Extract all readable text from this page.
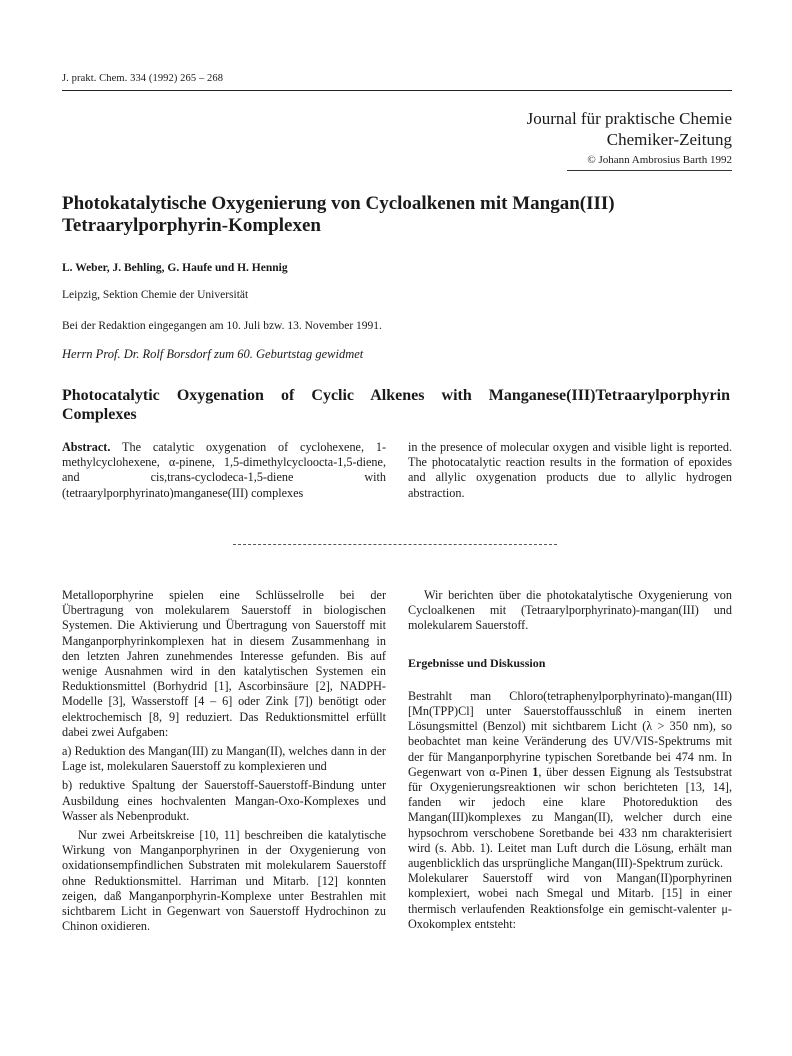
J. prakt. Chem. 334 (1992) 265 – 268
Journal für praktische Chemie
Chemiker-Zeitung
© Johann Ambrosius Barth 1992
Photokatalytische Oxygenierung von Cycloalkenen mit Mangan(III) Tetraarylporphyrin-Komplexen
L. Weber, J. Behling, G. Haufe und H. Hennig
Leipzig, Sektion Chemie der Universität
Bei der Redaktion eingegangen am 10. Juli bzw. 13. November 1991.
Herrn Prof. Dr. Rolf Borsdorf zum 60. Geburtstag gewidmet
Photocatalytic Oxygenation of Cyclic Alkenes with Manganese(III)Tetraarylporphyrin Complexes

Abstract. The catalytic oxygenation of cyclohexene, 1-methylcyclohexene, α-pinene, 1,5-dimethylcycloocta-1,5-diene, and cis,trans-cyclodeca-1,5-diene with (tetraarylporphyrinato)manganese(III) complexes

in the presence of molecular oxygen and visible light is reported. The photocatalytic reaction results in the formation of epoxides and allylic oxygenation products due to allylic hydrogen abstraction.

Metalloporphyrine spielen eine Schlüsselrolle bei der Übertragung von molekularem Sauerstoff in biologischen Systemen. Die Aktivierung und Übertragung von Sauerstoff mit Manganporphyrinkomplexen hat in diesem Zusammenhang in den letzten Jahren zunehmendes Interesse gefunden. Bis auf wenige Ausnahmen wird in den katalytischen Systemen ein Reduktionsmittel (Borhydrid [1], Ascorbinsäure [2], NADPH-Modelle [3], Wasserstoff [4 – 6] oder Zink [7]) benötigt oder elektrochemisch [8, 9] reduziert. Das Reduktionsmittel erfüllt dabei zwei Aufgaben:

a) Reduktion des Mangan(III) zu Mangan(II), welches dann in der Lage ist, molekularen Sauerstoff zu komplexieren und

b) reduktive Spaltung der Sauerstoff-Sauerstoff-Bindung unter Ausbildung eines hochvalenten Mangan-Oxo-Komplexes und Wasser als Nebenprodukt.

Nur zwei Arbeitskreise [10, 11] beschreiben die katalytische Wirkung von Manganporphyrinen in der Oxygenierung von oxidationsempfindlichen Substraten mit molekularem Sauerstoff ohne Reduktionsmittel. Harriman und Mitarb. [12] konnten zeigen, daß Manganporphyrin-Komplexe unter Bestrahlen mit sichtbarem Licht in Gegenwart von Sauerstoff Hydrochinon zu Chinon oxidieren.

Wir berichten über die photokatalytische Oxygenierung von Cycloalkenen mit (Tetraarylporphyrinato)-mangan(III) und molekularem Sauerstoff.

Ergebnisse und Diskussion

Bestrahlt man Chloro(tetraphenylporphyrinato)-mangan(III) [Mn(TPP)Cl] unter Sauerstoffausschluß in einem inerten Lösungsmittel (Benzol) mit sichtbarem Licht (λ > 350 nm), so beobachtet man keine Veränderung des UV/VIS-Spektrums mit der für Manganporphyrine typischen Soretbande bei 474 nm. In Gegenwart von α-Pinen 1, über dessen Eignung als Testsubstrat für Oxygenierungsreaktionen wir schon berichteten [13, 14], fanden wir jedoch eine klare Photoreduktion des Mangan(III)komplexes zu Mangan(II), welcher durch eine hypsochrom verschobene Soretbande bei 433 nm charakterisiert wird (s. Abb. 1). Leitet man Luft durch die Lösung, erhält man augenblicklich das ursprüngliche Mangan(III)-Spektrum zurück.

Molekularer Sauerstoff wird von Mangan(II)porphyrinen komplexiert, wobei nach Smegal und Mitarb. [15] in einer thermisch verlaufenden Reaktionsfolge ein gemischt-valenter μ-Oxokomplex entsteht:
